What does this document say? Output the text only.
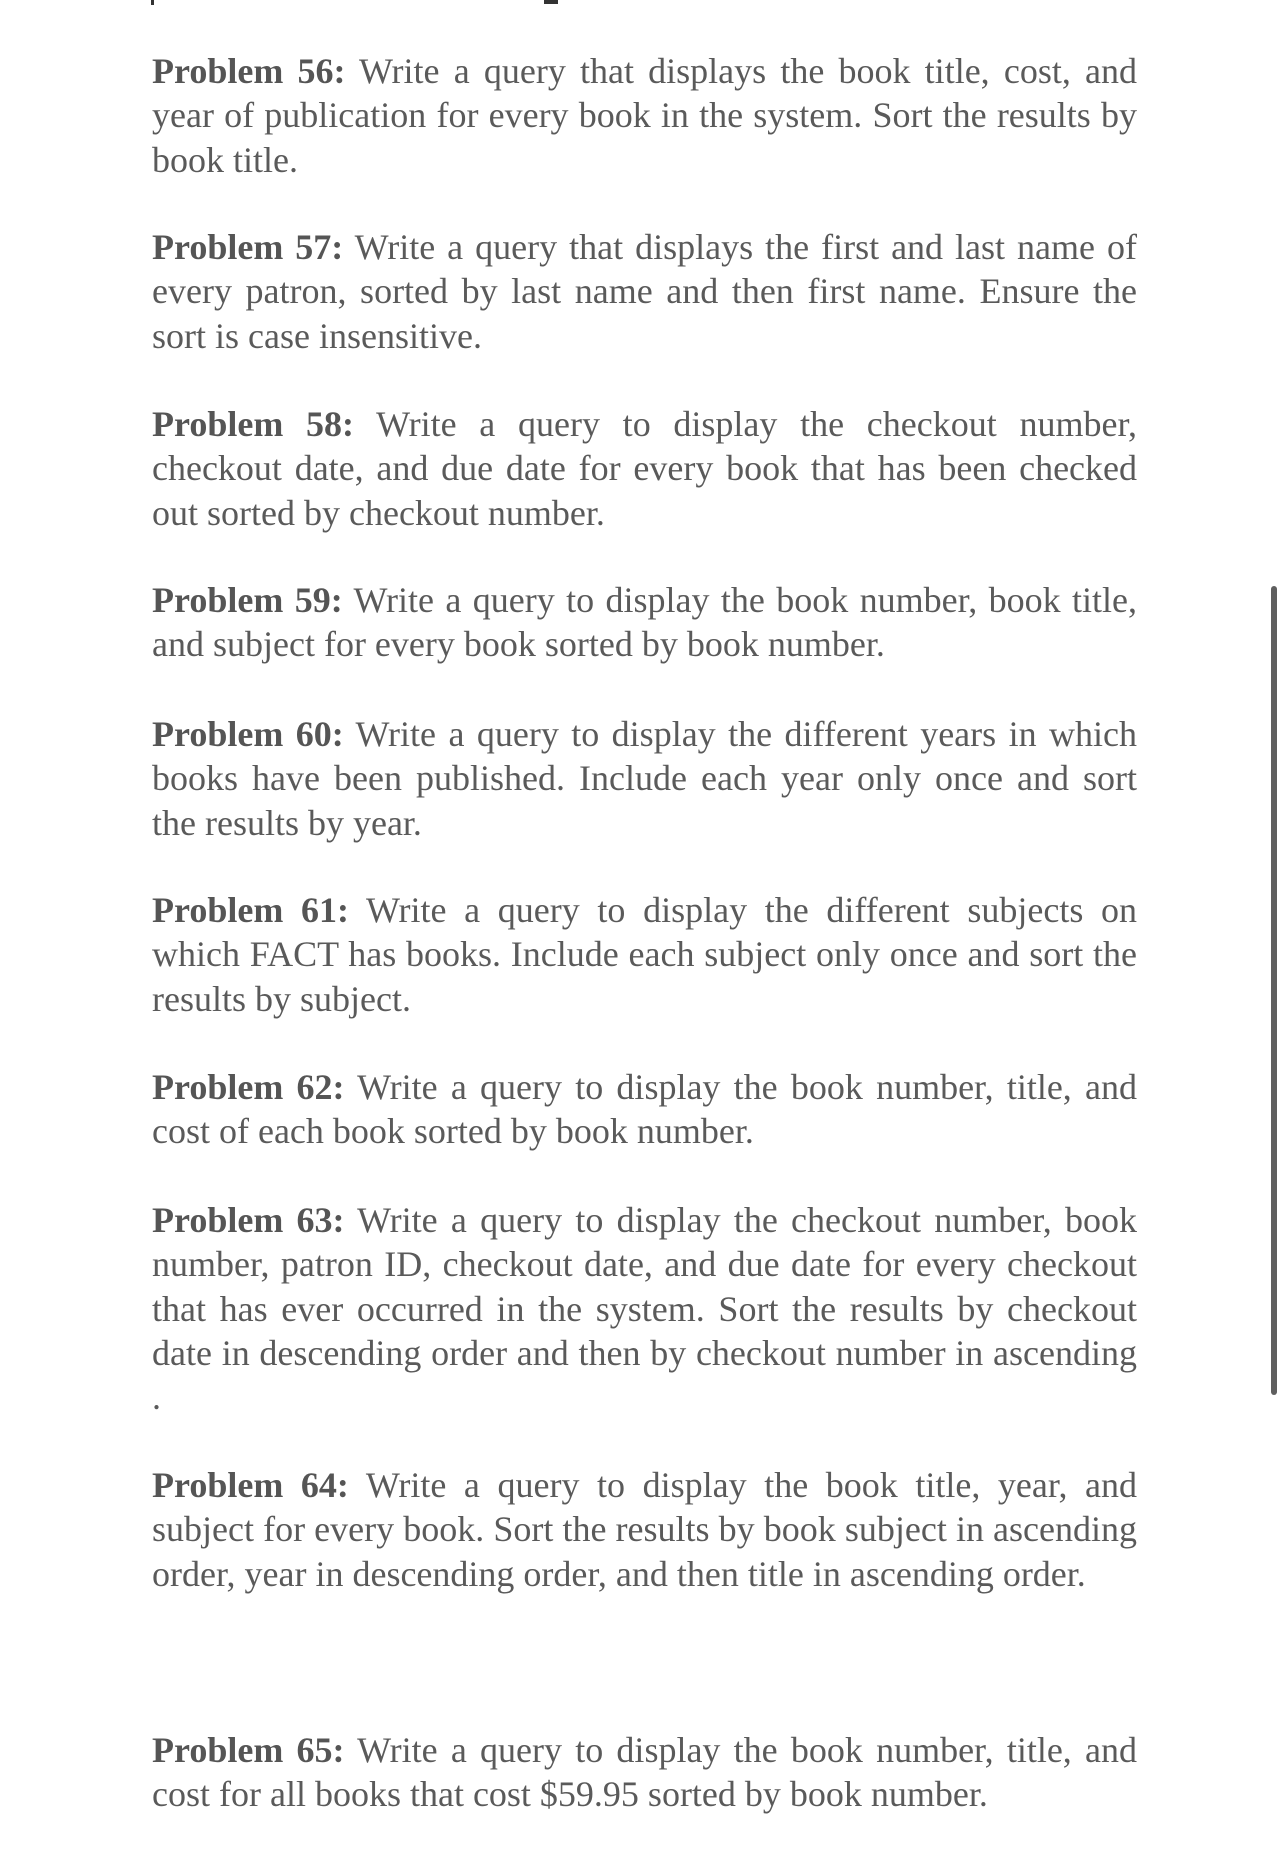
Problem 56: Write a query that displays the book title, cost, and year of publication for every book in the system. Sort the results by book title.

Problem 57: Write a query that displays the first and last name of every patron, sorted by last name and then first name. Ensure the sort is case insensitive.

Problem 58: Write a query to display the checkout number, checkout date, and due date for every book that has been checked out sorted by checkout number.

Problem 59: Write a query to display the book number, book title, and subject for every book sorted by book number.

Problem 60: Write a query to display the different years in which books have been published. Include each year only once and sort the results by year.

Problem 61: Write a query to display the different subjects on which FACT has books. Include each subject only once and sort the results by subject.

Problem 62: Write a query to display the book number, title, and cost of each book sorted by book number.

Problem 63: Write a query to display the checkout number, book number, patron ID, checkout date, and due date for every checkout that has ever occurred in the system. Sort the results by checkout date in descending order and then by checkout number in ascending .

Problem 64: Write a query to display the book title, year, and subject for every book. Sort the results by book subject in ascending order, year in descending order, and then title in ascending order.

Problem 65: Write a query to display the book number, title, and cost for all books that cost $59.95 sorted by book number.
